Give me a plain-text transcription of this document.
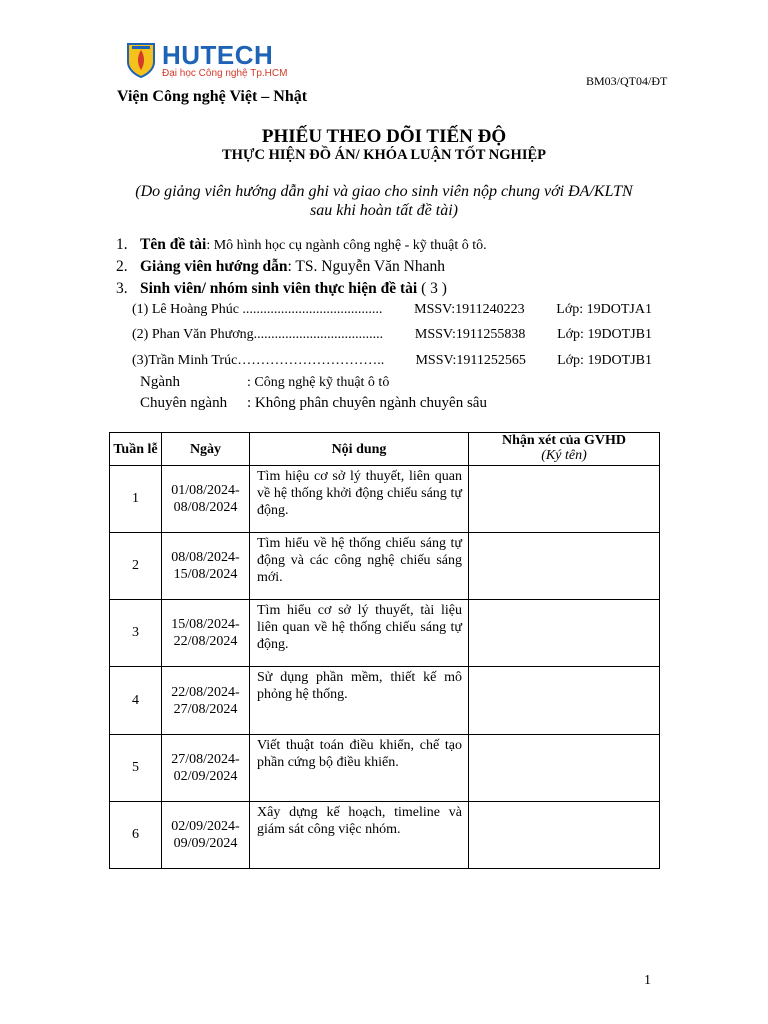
HUTECH
Đại học Công nghệ Tp.HCM
BM03/QT04/ĐT
Viện Công nghệ Việt – Nhật
PHIẾU THEO DÕI TIẾN ĐỘ
THỰC HIỆN ĐỒ ÁN/ KHÓA LUẬN TỐT NGHIỆP
(Do giảng viên hướng dẫn ghi và giao cho sinh viên nộp chung với ĐA/KLTN
sau khi hoàn tất đề tài)
1. Tên đề tài: Mô hình học cụ ngành công nghệ - kỹ thuật ô tô.
2. Giảng viên hướng dẫn: TS. Nguyễn Văn Nhanh
3. Sinh viên/ nhóm sinh viên thực hiện đề tài ( 3 )
(1) Lê Hoàng Phúc ........................................ MSSV:1911240223 Lớp: 19DOTJA1
(2) Phan Văn Phương..................................... MSSV:1911255838 Lớp: 19DOTJB1
(3)Trần Minh Trúc………………………….. MSSV:1911252565 Lớp: 19DOTJB1
Ngành	: Công nghệ kỹ thuật ô tô
Chuyên ngành : Không phân chuyên ngành chuyên sâu
Tuần lễ	Ngày	Nội dung	Nhận xét của GVHD
(Ký tên)

1	01/08/2024-
08/08/2024	Tìm hiệu cơ sở lý thuyết, liên quan về hệ thống khởi động chiếu sáng tự động.	
2	08/08/2024-
15/08/2024	Tìm hiểu về hệ thống chiếu sáng tự động và các công nghệ chiếu sáng mới.	
3	15/08/2024-
22/08/2024	Tìm hiểu cơ sở lý thuyết, tài liệu liên quan về hệ thống chiếu sáng tự động.	
4	22/08/2024-
27/08/2024	Sử dụng phần mềm, thiết kế mô phỏng hệ thống.	
5	27/08/2024-
02/09/2024	Viết thuật toán điều khiển, chế tạo phần cứng bộ điều khiển.	
6	02/09/2024-
09/09/2024	Xây dựng kế hoạch, timeline và giám sát công việc nhóm.	
1
